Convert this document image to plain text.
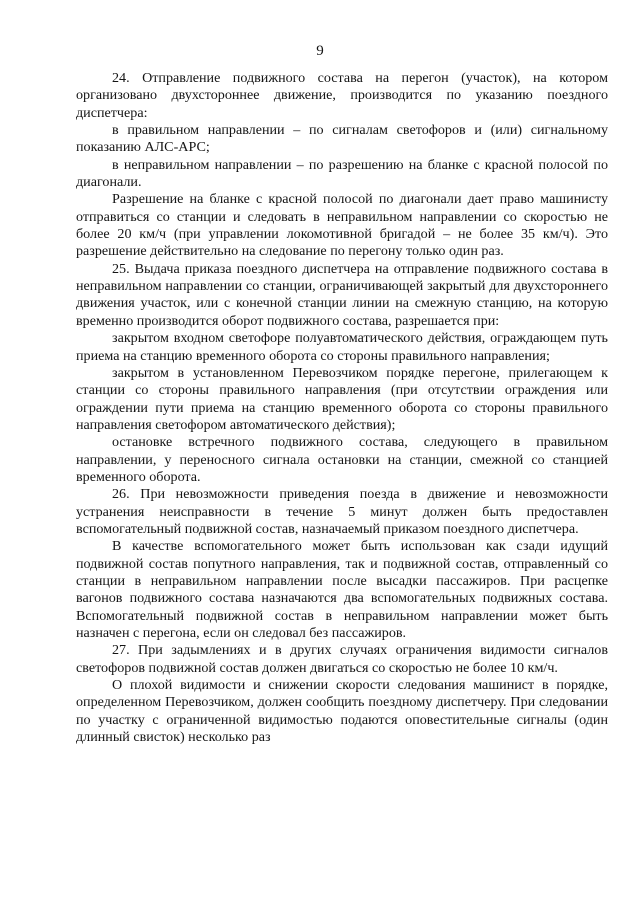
9

24. Отправление подвижного состава на перегон (участок), на котором организовано двухстороннее движение, производится по указанию поездного диспетчера:

в правильном направлении – по сигналам светофоров и (или) сигнальному показанию АЛС-АРС;

в неправильном направлении – по разрешению на бланке с красной полосой по диагонали.

Разрешение на бланке с красной полосой по диагонали дает право машинисту отправиться со станции и следовать в неправильном направлении со скоростью не более 20 км/ч (при управлении локомотивной бригадой – не более 35 км/ч). Это разрешение действительно на следование по перегону только один раз.

25. Выдача приказа поездного диспетчера на отправление подвижного состава в неправильном направлении со станции, ограничивающей закрытый для двухстороннего движения участок, или с конечной станции линии на смежную станцию, на которую временно производится оборот подвижного состава, разрешается при:

закрытом входном светофоре полуавтоматического действия, ограждающем путь приема на станцию временного оборота со стороны правильного направления;

закрытом в установленном Перевозчиком порядке перегоне, прилегающем к станции со стороны правильного направления (при отсутствии ограждения или ограждении пути приема на станцию временного оборота со стороны правильного направления светофором автоматического действия);

остановке встречного подвижного состава, следующего в правильном направлении, у переносного сигнала остановки на станции, смежной со станцией временного оборота.

26. При невозможности приведения поезда в движение и невозможности устранения неисправности в течение 5 минут должен быть предоставлен вспомогательный подвижной состав, назначаемый приказом поездного диспетчера.

В качестве вспомогательного может быть использован как сзади идущий подвижной состав попутного направления, так и подвижной состав, отправленный со станции в неправильном направлении после высадки пассажиров. При расцепке вагонов подвижного состава назначаются два вспомогательных подвижных состава. Вспомогательный подвижной состав в неправильном направлении может быть назначен с перегона, если он следовал без пассажиров.

27. При задымлениях и в других случаях ограничения видимости сигналов светофоров подвижной состав должен двигаться со скоростью не более 10 км/ч.

О плохой видимости и снижении скорости следования машинист в порядке, определенном Перевозчиком, должен сообщить поездному диспетчеру. При следовании по участку с ограниченной видимостью подаются оповестительные сигналы (один длинный свисток) несколько раз
